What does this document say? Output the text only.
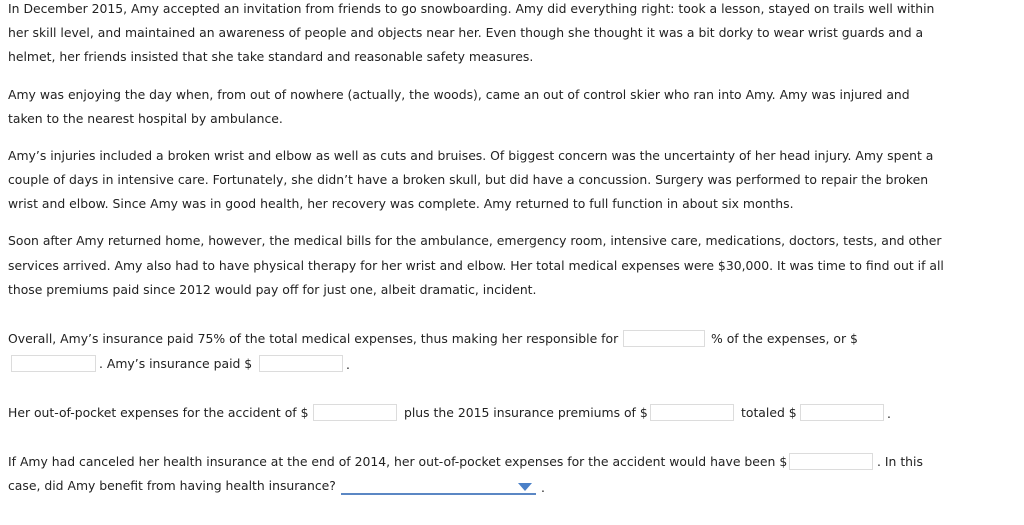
In December 2015, Amy accepted an invitation from friends to go snowboarding. Amy did everything right: took a lesson, stayed on trails well within
her skill level, and maintained an awareness of people and objects near her. Even though she thought it was a bit dorky to wear wrist guards and a
helmet, her friends insisted that she take standard and reasonable safety measures.
Amy was enjoying the day when, from out of nowhere (actually, the woods), came an out of control skier who ran into Amy. Amy was injured and
taken to the nearest hospital by ambulance.
Amy’s injuries included a broken wrist and elbow as well as cuts and bruises. Of biggest concern was the uncertainty of her head injury. Amy spent a
couple of days in intensive care. Fortunately, she didn’t have a broken skull, but did have a concussion. Surgery was performed to repair the broken
wrist and elbow. Since Amy was in good health, her recovery was complete. Amy returned to full function in about six months.
Soon after Amy returned home, however, the medical bills for the ambulance, emergency room, intensive care, medications, doctors, tests, and other
services arrived. Amy also had to have physical therapy for her wrist and elbow. Her total medical expenses were $30,000. It was time to find out if all
those premiums paid since 2012 would pay off for just one, albeit dramatic, incident.
Overall, Amy’s insurance paid 75% of the total medical expenses, thus making her responsible for	% of the expenses, or $
. Amy’s insurance paid $	.
Her out-of-pocket expenses for the accident of $	plus the 2015 insurance premiums of $	totaled $	.
If Amy had canceled her health insurance at the end of 2014, her out-of-pocket expenses for the accident would have been $	. In this
case, did Amy benefit from having health insurance?	.
